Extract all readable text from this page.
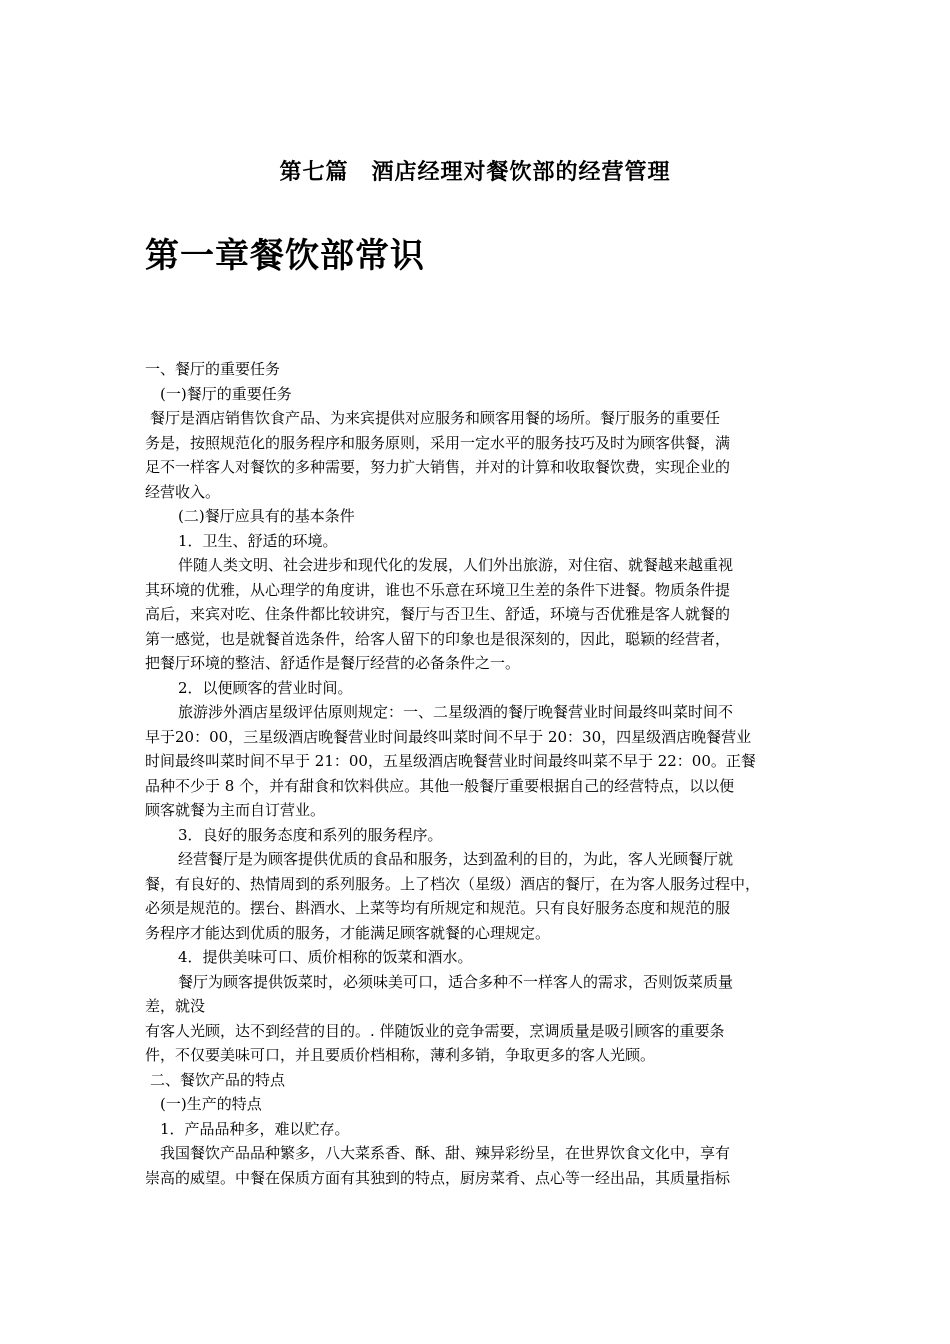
第七篇　酒店经理对餐饮部的经营管理
第一章餐饮部常识
一、餐厅的重要任务
(一)餐厅的重要任务
餐厅是酒店销售饮食产品、为来宾提供对应服务和顾客用餐的场所。餐厅服务的重要任
务是，按照规范化的服务程序和服务原则，采用一定水平的服务技巧及时为顾客供餐，满
足不一样客人对餐饮的多种需要，努力扩大销售，并对的计算和收取餐饮费，实现企业的
经营收入。
(二)餐厅应具有的基本条件
1．卫生、舒适的环境。
伴随人类文明、社会进步和现代化的发展，人们外出旅游，对住宿、就餐越来越重视
其环境的优雅，从心理学的角度讲，谁也不乐意在环境卫生差的条件下进餐。物质条件提
高后，来宾对吃、住条件都比较讲究，餐厅与否卫生、舒适，环境与否优雅是客人就餐的
第一感觉，也是就餐首选条件，给客人留下的印象也是很深刻的，因此，聪颖的经营者，
把餐厅环境的整洁、舒适作是餐厅经营的必备条件之一。
2．以便顾客的营业时间。
旅游涉外酒店星级评估原则规定：一、二星级酒的餐厅晚餐营业时间最终叫菜时间不
早于20：00，三星级酒店晚餐营业时间最终叫菜时间不早于 20：30，四星级酒店晚餐营业
时间最终叫菜时间不早于 21：00，五星级酒店晚餐营业时间最终叫菜不早于 22：00。正餐
品种不少于 8 个，并有甜食和饮料供应。其他一般餐厅重要根据自己的经营特点，以以便
顾客就餐为主而自订营业。
3．良好的服务态度和系列的服务程序。
经营餐厅是为顾客提供优质的食品和服务，达到盈利的目的，为此，客人光顾餐厅就
餐，有良好的、热情周到的系列服务。上了档次（星级）酒店的餐厅，在为客人服务过程中，
必须是规范的。摆台、斟酒水、上菜等均有所规定和规范。只有良好服务态度和规范的服
务程序才能达到优质的服务，才能满足顾客就餐的心理规定。
4．提供美味可口、质价相称的饭菜和酒水。
餐厅为顾客提供饭菜时，必须味美可口，适合多种不一样客人的需求，否则饭菜质量
差，就没
有客人光顾，达不到经营的目的。. 伴随饭业的竞争需要，烹调质量是吸引顾客的重要条
件，不仅要美味可口，并且要质价档相称，薄利多销，争取更多的客人光顾。
二、餐饮产品的特点
(一)生产的特点
1．产品品种多，难以贮存。
我国餐饮产品品种繁多，八大菜系香、酥、甜、辣异彩纷呈，在世界饮食文化中，享有
崇高的威望。中餐在保质方面有其独到的特点，厨房菜肴、点心等一经出品，其质量指标
